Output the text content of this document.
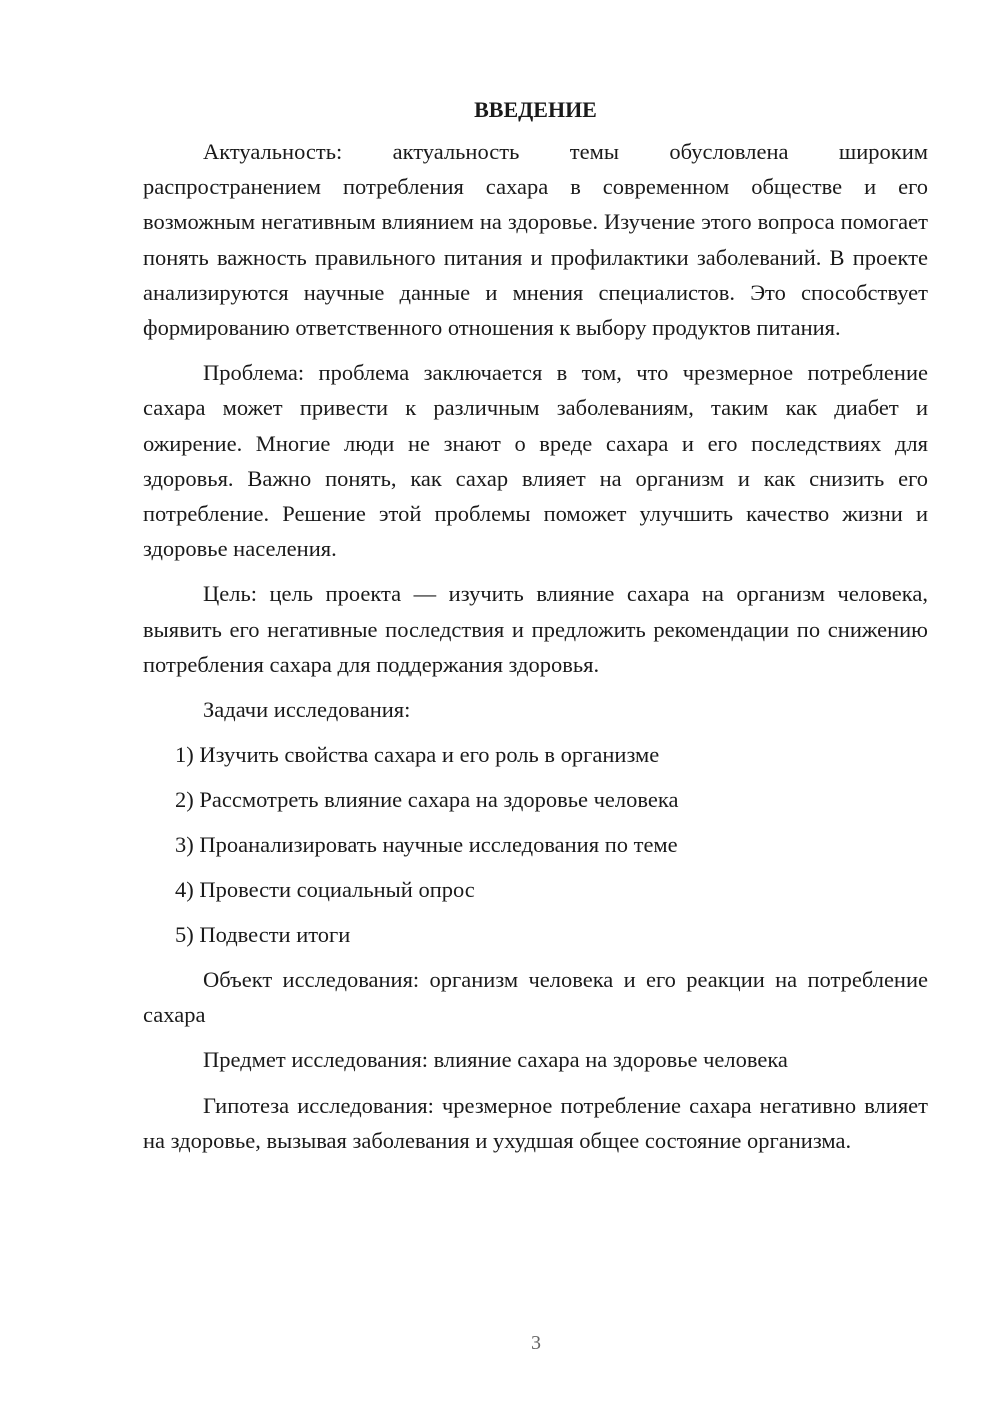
ВВЕДЕНИЕ

Актуальность: актуальность темы обусловлена широким распространением потребления сахара в современном обществе и его возможным негативным влиянием на здоровье. Изучение этого вопроса помогает понять важность правильного питания и профилактики заболеваний. В проекте анализируются научные данные и мнения специалистов. Это способствует формированию ответственного отношения к выбору продуктов питания.

Проблема: проблема заключается в том, что чрезмерное потребление сахара может привести к различным заболеваниям, таким как диабет и ожирение. Многие люди не знают о вреде сахара и его последствиях для здоровья. Важно понять, как сахар влияет на организм и как снизить его потребление. Решение этой проблемы поможет улучшить качество жизни и здоровье населения.

Цель: цель проекта — изучить влияние сахара на организм человека, выявить его негативные последствия и предложить рекомендации по снижению потребления сахара для поддержания здоровья.

Задачи исследования:
1) Изучить свойства сахара и его роль в организме
2) Рассмотреть влияние сахара на здоровье человека
3) Проанализировать научные исследования по теме
4) Провести социальный опрос
5) Подвести итоги

Объект исследования: организм человека и его реакции на потребление сахара

Предмет исследования: влияние сахара на здоровье человека

Гипотеза исследования: чрезмерное потребление сахара негативно влияет на здоровье, вызывая заболевания и ухудшая общее состояние организма.

3
